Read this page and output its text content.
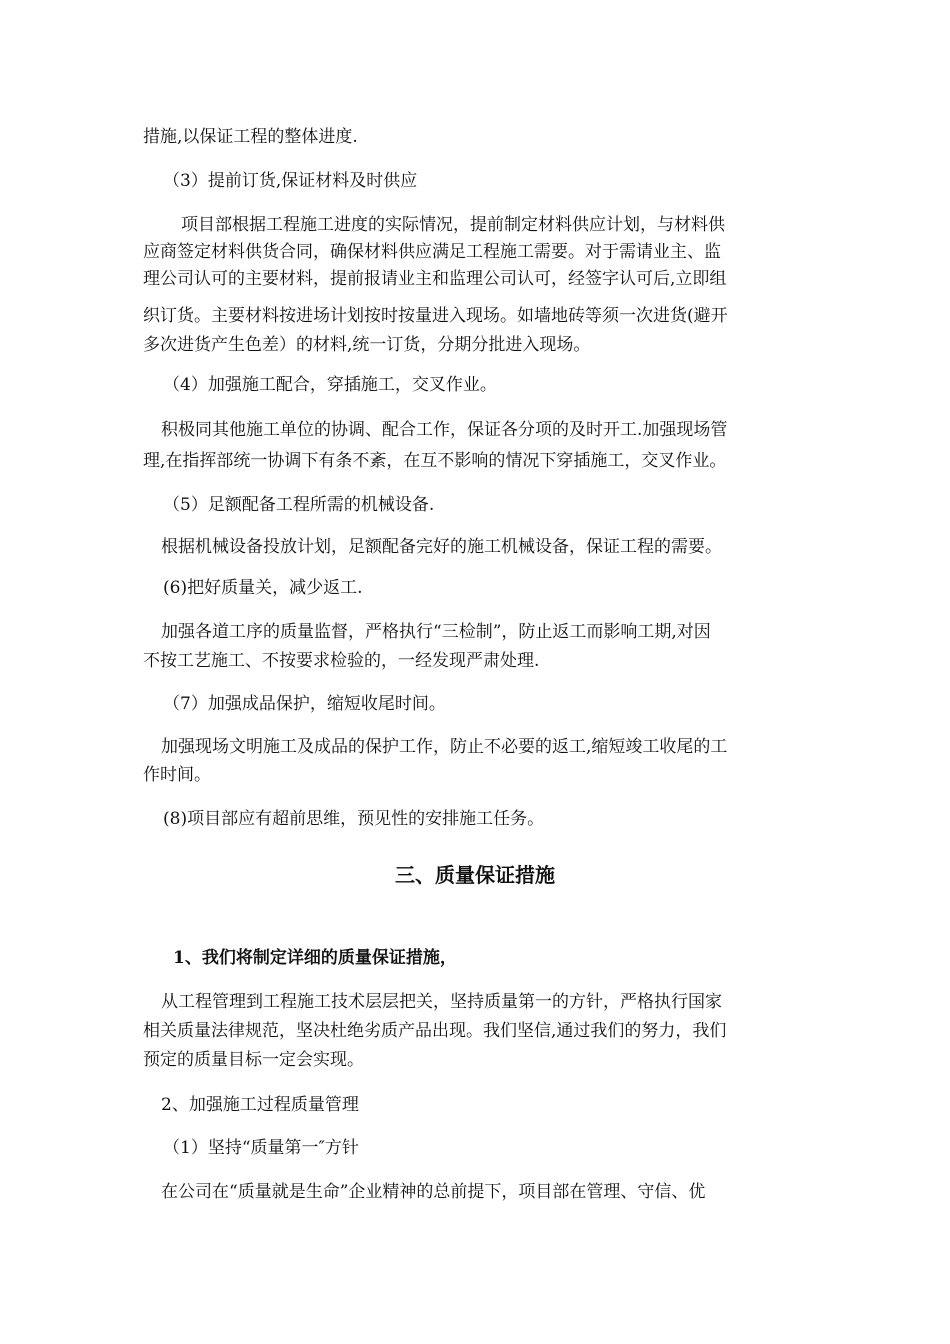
措施,以保证工程的整体进度.
（3）提前订货,保证材料及时供应
项目部根据工程施工进度的实际情况，提前制定材料供应计划，与材料供
应商签定材料供货合同，确保材料供应满足工程施工需要。对于需请业主、监
理公司认可的主要材料，提前报请业主和监理公司认可，经签字认可后,立即组
织订货。主要材料按进场计划按时按量进入现场。如墙地砖等须一次进货(避开
多次进货产生色差）的材料,统一订货，分期分批进入现场。
（4）加强施工配合，穿插施工，交叉作业。
积极同其他施工单位的协调、配合工作，保证各分项的及时开工.加强现场管
理,在指挥部统一协调下有条不紊，在互不影响的情况下穿插施工，交叉作业。
（5）足额配备工程所需的机械设备.
根据机械设备投放计划，足额配备完好的施工机械设备，保证工程的需要。
(6)把好质量关，减少返工.
加强各道工序的质量监督，严格执行“三检制”，防止返工而影响工期,对因
不按工艺施工、不按要求检验的，一经发现严肃处理.
（7）加强成品保护，缩短收尾时间。
加强现场文明施工及成品的保护工作，防止不必要的返工,缩短竣工收尾的工
作时间。
(8)项目部应有超前思维，预见性的安排施工任务。
三、质量保证措施
1、我们将制定详细的质量保证措施，
从工程管理到工程施工技术层层把关，坚持质量第一的方针，严格执行国家
相关质量法律规范，坚决杜绝劣质产品出现。我们坚信,通过我们的努力，我们
预定的质量目标一定会实现。
2、加强施工过程质量管理
（1）坚持“质量第一″方针
在公司在“质量就是生命”企业精神的总前提下，项目部在管理、守信、优
